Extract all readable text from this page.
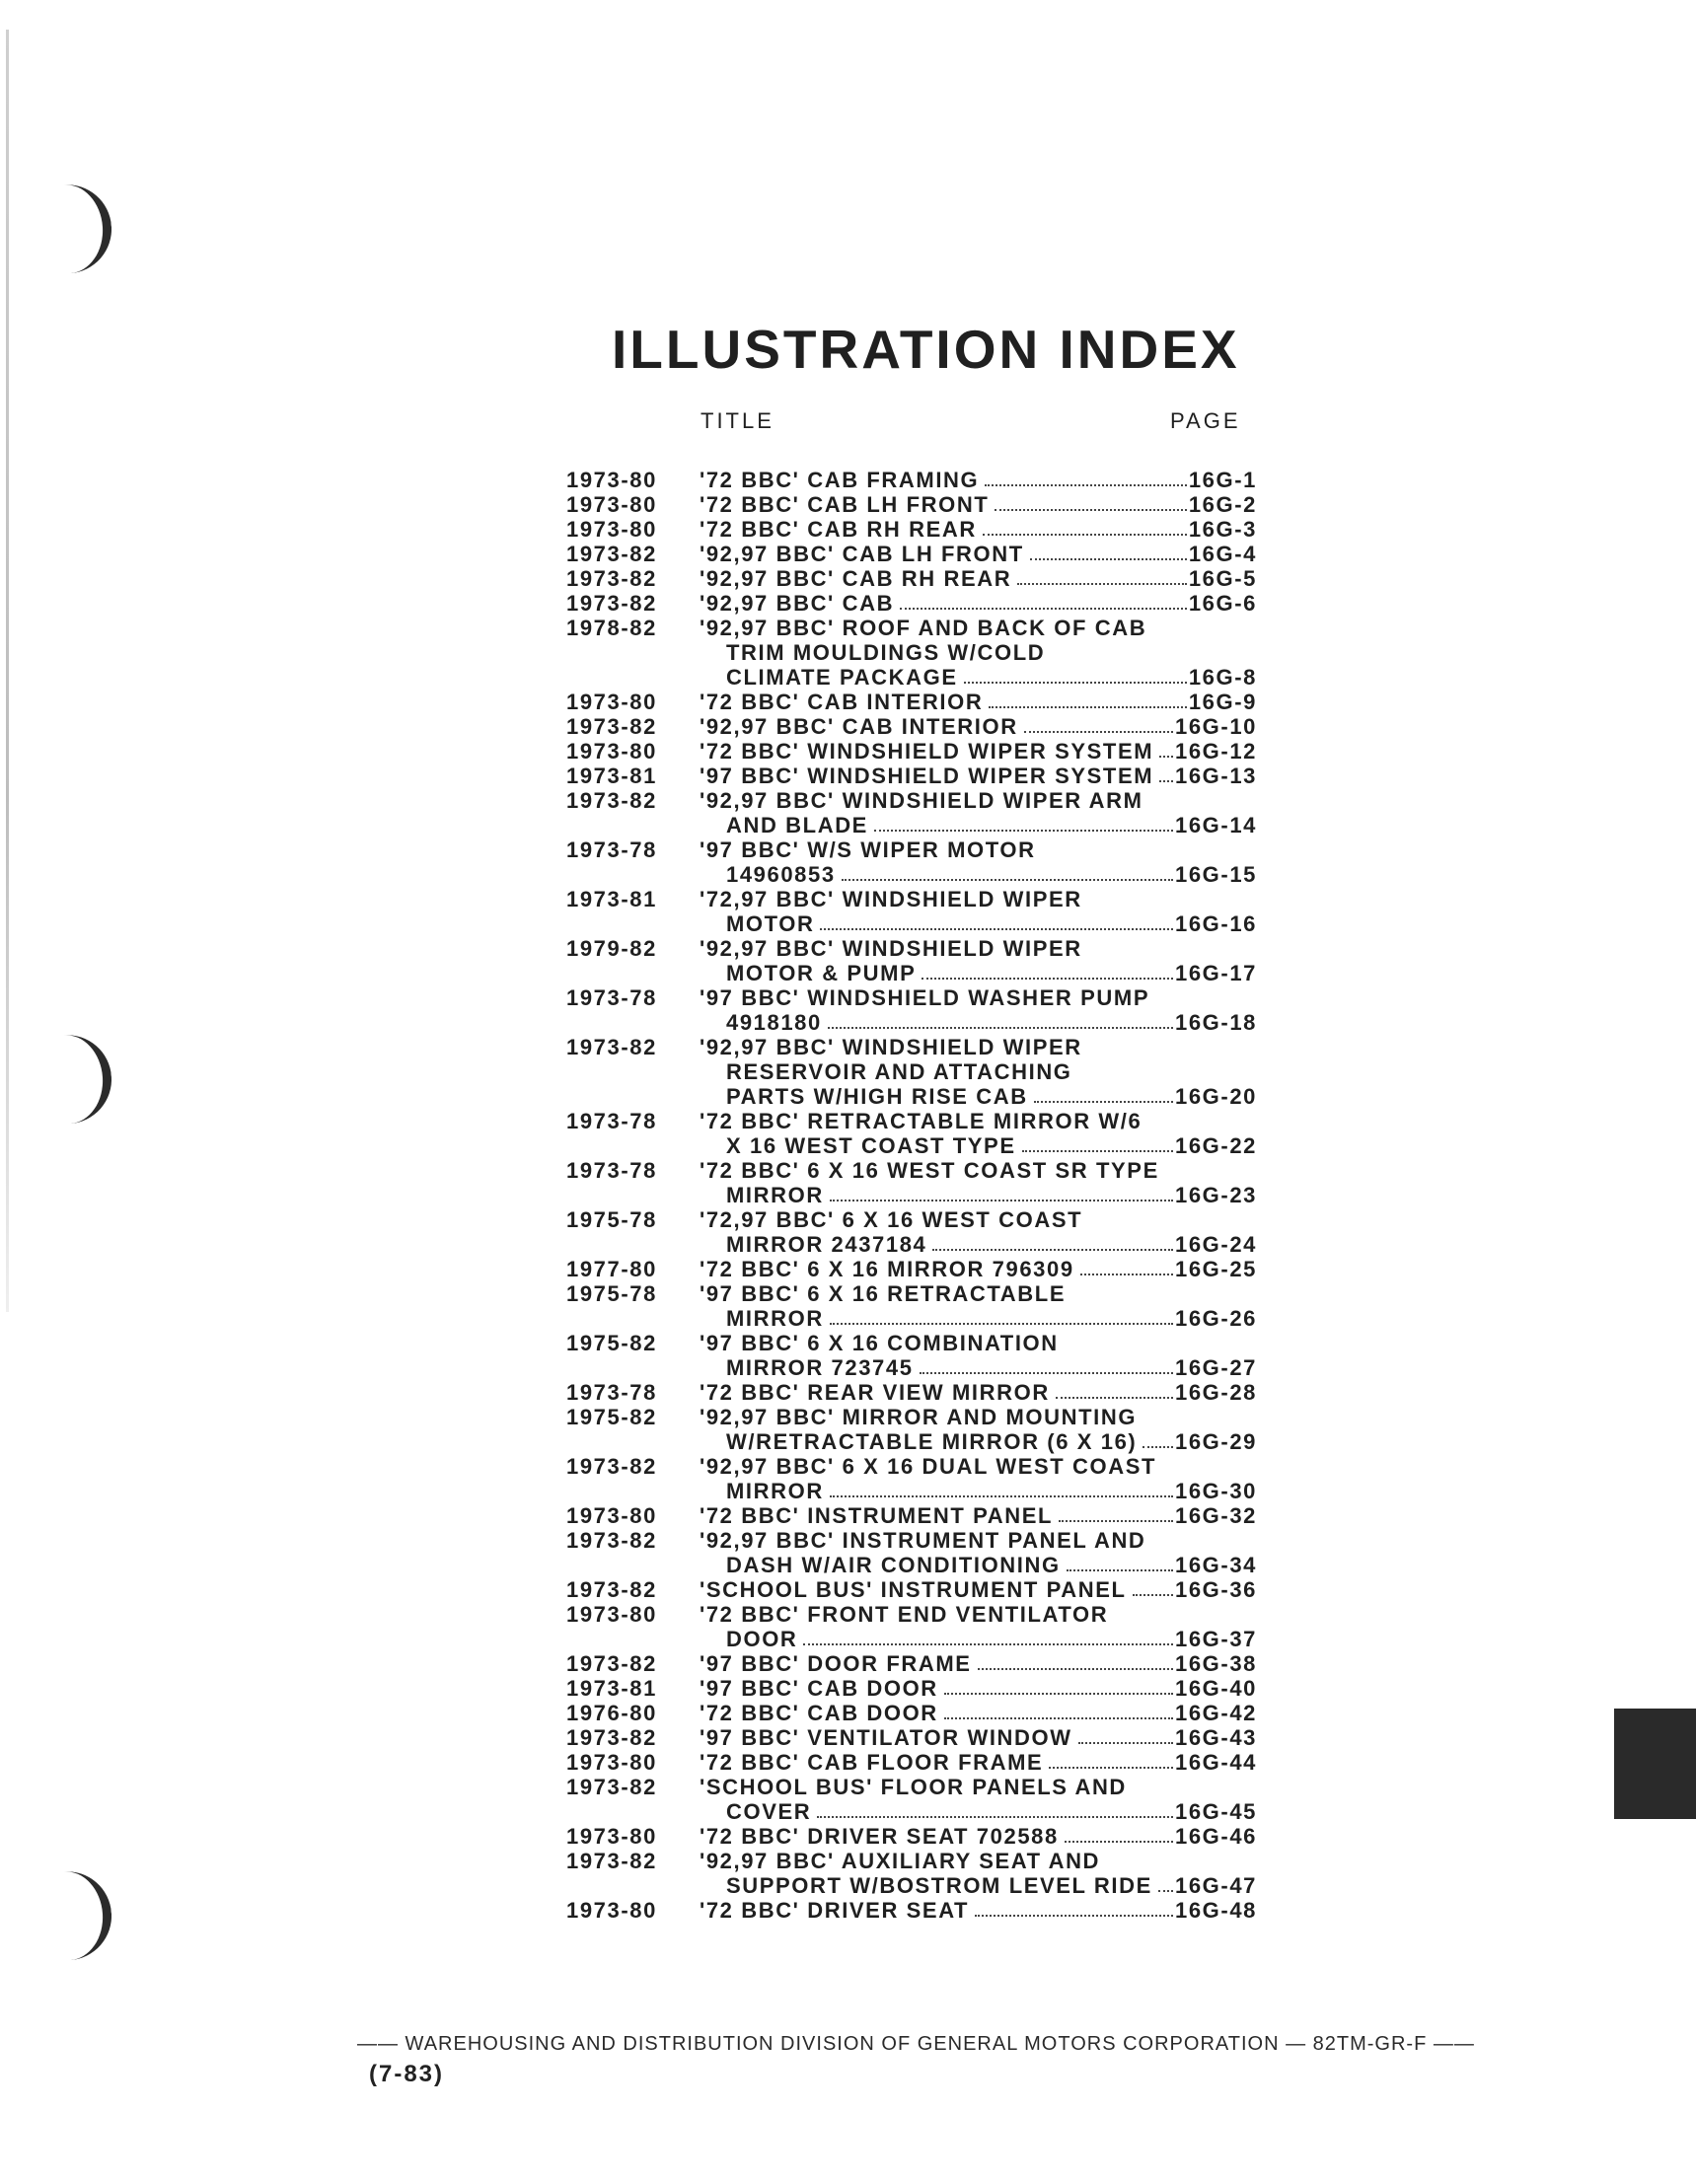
ILLUSTRATION INDEX
TITLE	PAGE
1973-80	'72 BBC' CAB FRAMING	16G-1
1973-80	'72 BBC' CAB LH FRONT	16G-2
1973-80	'72 BBC' CAB RH REAR	16G-3
1973-82	'92,97 BBC' CAB LH FRONT	16G-4
1973-82	'92,97 BBC' CAB RH REAR	16G-5
1973-82	'92,97 BBC' CAB	16G-6
1978-82	'92,97 BBC' ROOF AND BACK OF CAB
TRIM MOULDINGS W/COLD
CLIMATE PACKAGE	16G-8
1973-80	'72 BBC' CAB INTERIOR	16G-9
1973-82	'92,97 BBC' CAB INTERIOR	16G-10
1973-80	'72 BBC' WINDSHIELD WIPER SYSTEM 16G-12
1973-81	'97 BBC' WINDSHIELD WIPER SYSTEM 16G-13
1973-82	'92,97 BBC' WINDSHIELD WIPER ARM
AND BLADE	16G-14
1973-78	'97 BBC' W/S WIPER MOTOR
14960853	16G-15
1973-81	'72,97 BBC' WINDSHIELD WIPER
MOTOR	16G-16
1979-82	'92,97 BBC' WINDSHIELD WIPER
MOTOR & PUMP	16G-17
1973-78	'97 BBC' WINDSHIELD WASHER PUMP
4918180	16G-18
1973-82	'92,97 BBC' WINDSHIELD WIPER
RESERVOIR AND ATTACHING
PARTS W/HIGH RISE CAB	16G-20
1973-78	'72 BBC' RETRACTABLE MIRROR W/6
X 16 WEST COAST TYPE	16G-22
1973-78	'72 BBC' 6 X 16 WEST COAST SR TYPE
MIRROR	16G-23
1975-78	'72,97 BBC' 6 X 16 WEST COAST
MIRROR 2437184	16G-24
1977-80	'72 BBC' 6 X 16 MIRROR 796309	16G-25
1975-78	'97 BBC' 6 X 16 RETRACTABLE
MIRROR	16G-26
1975-82	'97 BBC' 6 X 16 COMBINATION
MIRROR 723745	16G-27
1973-78	'72 BBC' REAR VIEW MIRROR	16G-28
1975-82	'92,97 BBC' MIRROR AND MOUNTING
W/RETRACTABLE MIRROR (6 X 16) 16G-29
1973-82	'92,97 BBC' 6 X 16 DUAL WEST COAST
MIRROR	16G-30
1973-80	'72 BBC' INSTRUMENT PANEL	16G-32
1973-82	'92,97 BBC' INSTRUMENT PANEL AND
DASH W/AIR CONDITIONING	16G-34
1973-82	'SCHOOL BUS' INSTRUMENT PANEL 16G-36
1973-80	'72 BBC' FRONT END VENTILATOR
DOOR	16G-37
1973-82	'97 BBC' DOOR FRAME	16G-38
1973-81	'97 BBC' CAB DOOR	16G-40
1976-80	'72 BBC' CAB DOOR	16G-42
1973-82	'97 BBC' VENTILATOR WINDOW	16G-43
1973-80	'72 BBC' CAB FLOOR FRAME	16G-44
1973-82	'SCHOOL BUS' FLOOR PANELS AND
COVER	16G-45
1973-80	'72 BBC' DRIVER SEAT 702588	16G-46
1973-82	'92,97 BBC' AUXILIARY SEAT AND
SUPPORT W/BOSTROM LEVEL RIDE 16G-47
1973-80	'72 BBC' DRIVER SEAT	16G-48
—— WAREHOUSING AND DISTRIBUTION DIVISION OF GENERAL MOTORS CORPORATION — 82TM-GR-F ——
(7-83)
